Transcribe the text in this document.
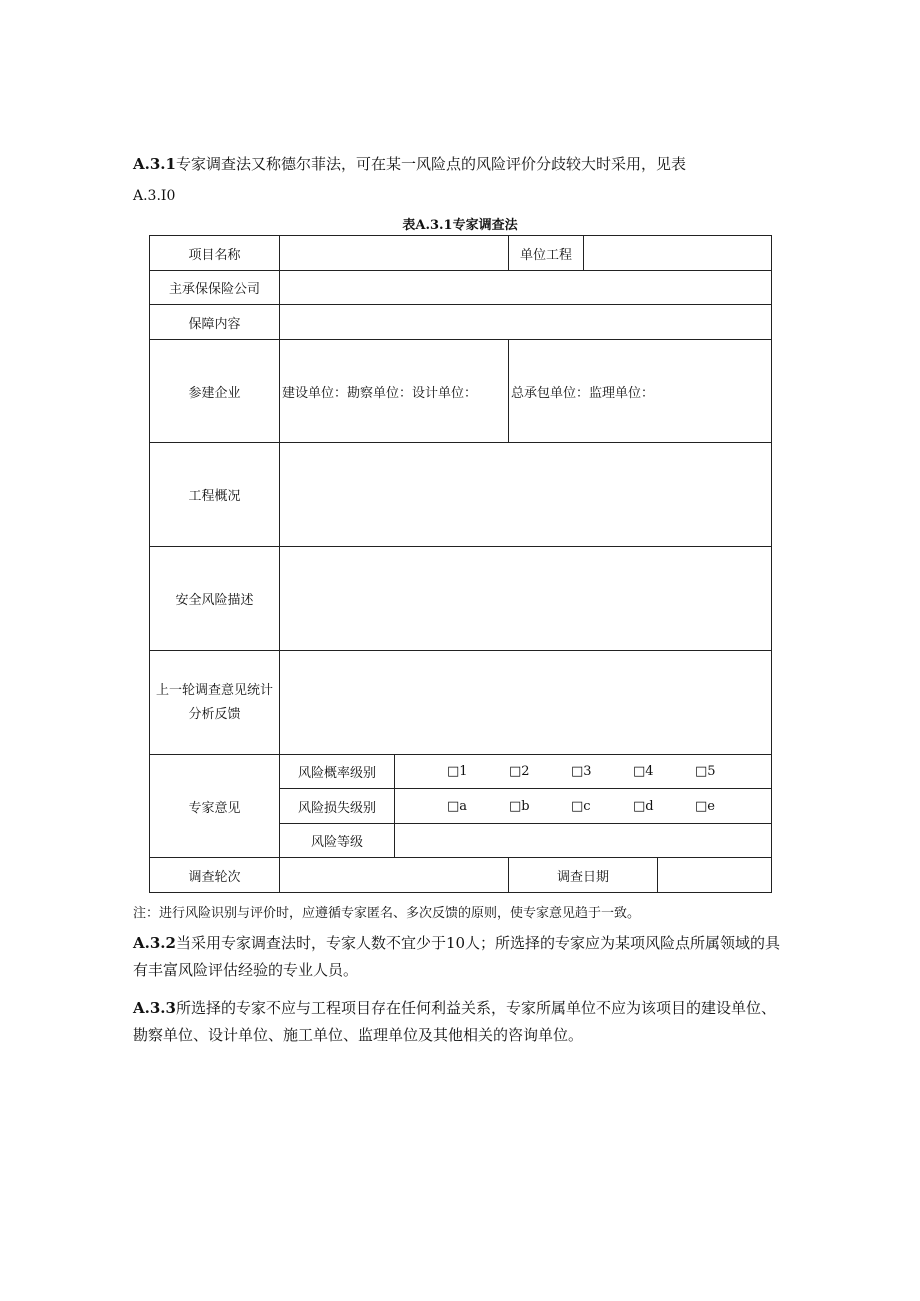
A.3.1专家调查法又称德尔菲法，可在某一风险点的风险评价分歧较大时采用，见表

A.3.I0

表A.3.1专家调查法
项目名称			单位工程		
主承保保险公司					
保障内容					
参建企业	建设单位：勘察单位：设计单位：		总承包单位：监理单位：		
工程概况					
安全风险描述					
上一轮调查意见统计分析反馈					
专家意见	风险概率级别	□1 □2 □3 □4 □5			
	风险损失级别	□a □b □c □d □e			
	风险等级				
调查轮次			调查日期		
注：进行风险识别与评价时，应遵循专家匿名、多次反馈的原则，使专家意见趋于一致。

A.3.2当采用专家调查法时，专家人数不宜少于10人；所选择的专家应为某项风险点所属领域的具有丰富风险评估经验的专业人员。

A.3.3所选择的专家不应与工程项目存在任何利益关系，专家所属单位不应为该项目的建设单位、勘察单位、设计单位、施工单位、监理单位及其他相关的咨询单位。
